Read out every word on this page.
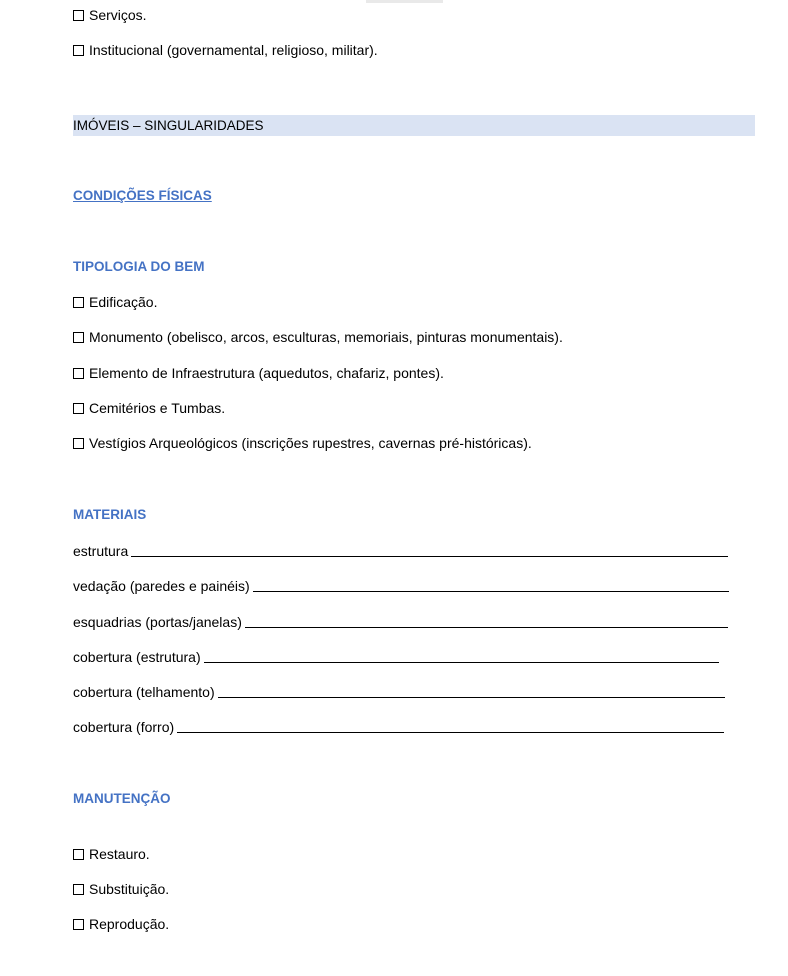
Serviços.
Institucional (governamental, religioso, militar).
IMÓVEIS – SINGULARIDADES
CONDIÇÕES FÍSICAS
TIPOLOGIA DO BEM
Edificação.
Monumento (obelisco, arcos, esculturas, memoriais, pinturas monumentais).
Elemento de Infraestrutura (aquedutos, chafariz, pontes).
Cemitérios e Tumbas.
Vestígios Arqueológicos (inscrições rupestres, cavernas pré-históricas).
MATERIAIS
estrutura
vedação (paredes e painéis)
esquadrias (portas/janelas)
cobertura (estrutura)
cobertura (telhamento)
cobertura (forro)
MANUTENÇÃO
Restauro.
Substituição.
Reprodução.
